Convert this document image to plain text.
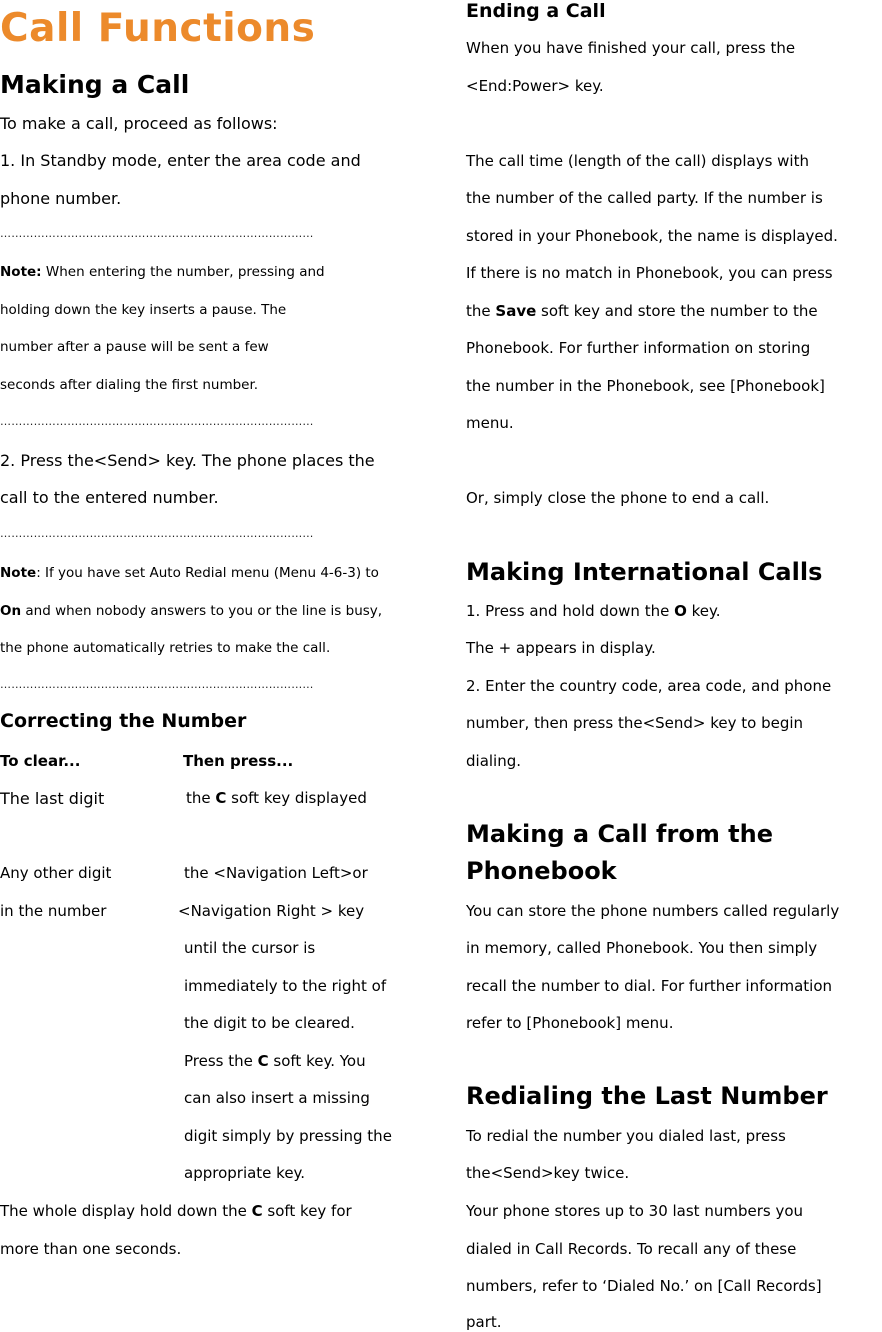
Call Functions
Making a Call
To make a call, proceed as follows:
1. In Standby mode, enter the area code and
phone number.
…………………………………………………………………………
Note: When entering the number, pressing and
holding down the key inserts a pause. The
number after a pause will be sent a few
seconds after dialing the first number.
…………………………………………………………………………
2. Press the<Send> key. The phone places the
call to the entered number.
…………………………………………………………………………
Note: If you have set Auto Redial menu (Menu 4-6-3) to
On and when nobody answers to you or the line is busy,
the phone automatically retries to make the call.
…………………………………………………………………………
Correcting the Number
To clear...	Then press...
The last digit	the C soft key displayed
Any other digit
in the number
the <Navigation Left>or
<Navigation Right > key
until the cursor is
immediately to the right of
the digit to be cleared.
Press the C soft key. You
can also insert a missing
digit simply by pressing the
appropriate key.
The whole display hold down the C soft key for
more than one seconds.
Ending a Call
When you have finished your call, press the
<End:Power> key.
The call time (length of the call) displays with
the number of the called party. If the number is
stored in your Phonebook, the name is displayed.
If there is no match in Phonebook, you can press
the Save soft key and store the number to the
Phonebook. For further information on storing
the number in the Phonebook, see [Phonebook]
menu.
Or, simply close the phone to end a call.
Making International Calls
1. Press and hold down the O key.
The + appears in display.
2. Enter the country code, area code, and phone
number, then press the<Send> key to begin
dialing.
Making a Call from the
Phonebook
You can store the phone numbers called regularly
in memory, called Phonebook. You then simply
recall the number to dial. For further information
refer to [Phonebook] menu.
Redialing the Last Number
To redial the number you dialed last, press
the<Send>key twice.
Your phone stores up to 30 last numbers you
dialed in Call Records. To recall any of these
numbers, refer to ‘Dialed No.’ on [Call Records]
part.
